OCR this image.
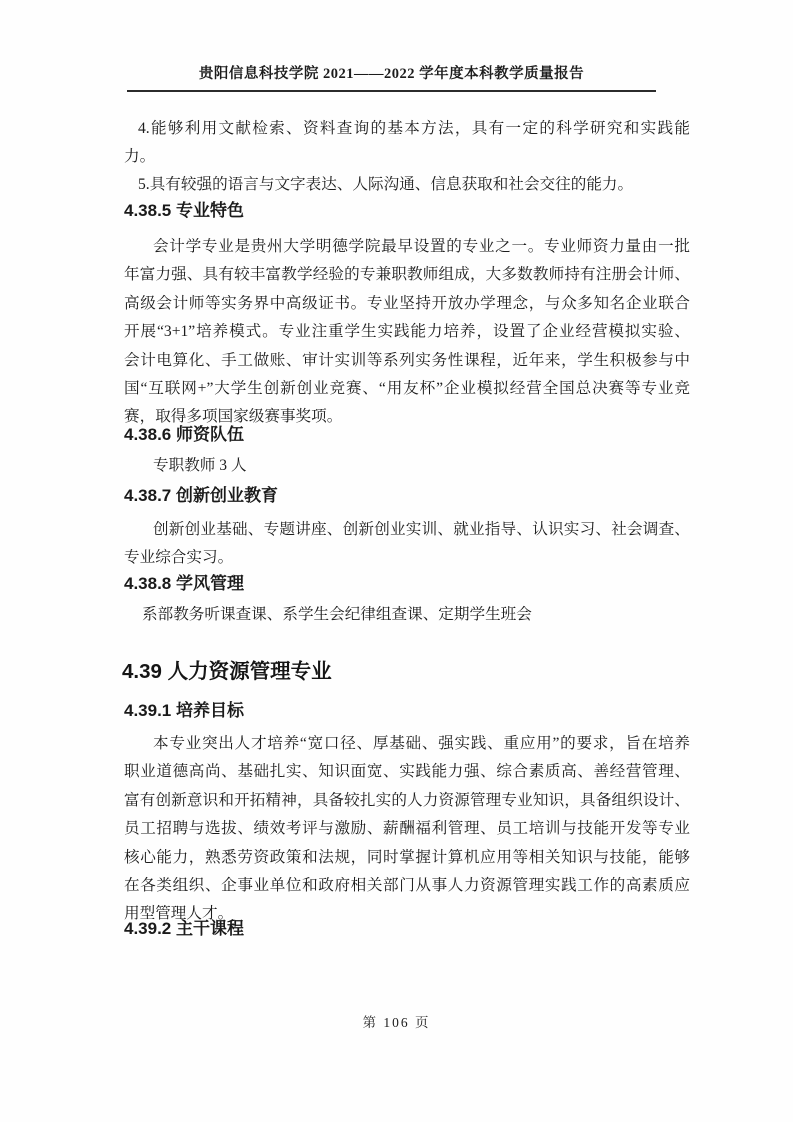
贵阳信息科技学院 2021——2022 学年度本科教学质量报告
4.能够利用文献检索、资料查询的基本方法，具有一定的科学研究和实践能
力。
5.具有较强的语言与文字表达、人际沟通、信息获取和社会交往的能力。
4.38.5 专业特色
会计学专业是贵州大学明德学院最早设置的专业之一。专业师资力量由一批
年富力强、具有较丰富教学经验的专兼职教师组成，大多数教师持有注册会计师、
高级会计师等实务界中高级证书。专业坚持开放办学理念，与众多知名企业联合
开展“3+1”培养模式。专业注重学生实践能力培养，设置了企业经营模拟实验、
会计电算化、手工做账、审计实训等系列实务性课程，近年来，学生积极参与中
国“互联网+”大学生创新创业竞赛、“用友杯”企业模拟经营全国总决赛等专业竞
赛，取得多项国家级赛事奖项。
4.38.6 师资队伍
专职教师 3 人
4.38.7 创新创业教育
创新创业基础、专题讲座、创新创业实训、就业指导、认识实习、社会调查、
专业综合实习。
4.38.8 学风管理
系部教务听课查课、系学生会纪律组查课、定期学生班会
4.39 人力资源管理专业
4.39.1 培养目标
本专业突出人才培养“宽口径、厚基础、强实践、重应用”的要求，旨在培养
职业道德高尚、基础扎实、知识面宽、实践能力强、综合素质高、善经营管理、
富有创新意识和开拓精神，具备较扎实的人力资源管理专业知识，具备组织设计、
员工招聘与选拔、绩效考评与激励、薪酬福利管理、员工培训与技能开发等专业
核心能力，熟悉劳资政策和法规，同时掌握计算机应用等相关知识与技能，能够
在各类组织、企事业单位和政府相关部门从事人力资源管理实践工作的高素质应
用型管理人才。
4.39.2 主干课程
第 106 页
